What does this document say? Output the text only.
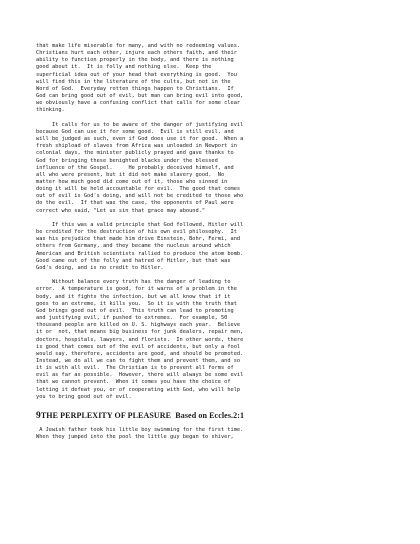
that make life miserable for many, and with no redeeming values.
Christians hurt each other, injure each others faith, and their
ability to function properly in the body, and there is nothing
good about it.  It is folly and nothing else.  Keep the
superficial idea out of your head that everything is good.  You
will find this in the literature of the cults, but not in the
Word of God.  Everyday rotten things happen to Christians.  If
God can bring good out of evil, but man can bring evil into good,
we obviously have a confusing conflict that calls for some clear
thinking.

It calls for us to be aware of the danger of justifying evil
because God can use it for some good.  Evil is still evil, and
will be judged as such, even if God does use it for good.  When a
fresh shipload of slaves from Africa was unloaded in Newport in
colonial days, the minister publicly prayed and gave thanks to
God for bringing these benighted blacks under the blessed
influence of the Gospel.     He probably deceived himself, and
all who were present, but it did not make slavery good.  No
matter how much good did come out of it, those who sinned in
doing it will be held accountable for evil.  The good that comes
out of evil is God's doing, and will not be credited to those who
do the evil.  If that was the case, the opponents of Paul were
correct who said, "Let us sin that grace may abound."

If this was a valid principle that God followed, Hitler will
be credited for the destruction of his own evil philosophy.  It
was his prejudice that made him drive Einstein, Bohr, Fermi, and
others from Germany, and they became the nucleus around which
American and British scientists rallied to produce the atom bomb.
Good came out of the folly and hatred of Hitler, but that was
God's doing, and is no credit to Hitler.

Without balance every truth has the danger of leading to
error.  A temperature is good, for it warns of a problem in the
body, and it fights the infection, but we all know that if it
goes to an extreme, it kills you.  So it is with the truth that
God brings good out of evil.  This truth can lead to promoting
and justifying evil, if pushed to extremes.  For example, 50
thousand people are killed on U. S. highways each year.  Believe
it or  not, that means big business for junk dealers, repair men,
doctors, hospitals, lawyers, and florists.  In other words, there
is good that comes out of the evil of accidents, but only a fool
would say, therefore, accidents are good, and should be promoted.
Instead, we do all we can to fight them and prevent them, and so
it is with all evil.  The Christian is to prevent all forms of
evil as far as possible.  However, there will always be some evil
that we cannot prevent.  When it comes you have the choice of
letting it defeat you, or of cooperating with God, who will help
you to bring good out of evil.

9THE PERPLEXITY OF PLEASURE  Based on Eccles.2:1

A Jewish father took his little boy swimming for the first time.
When they jumped into the pool the little guy began to shiver,
